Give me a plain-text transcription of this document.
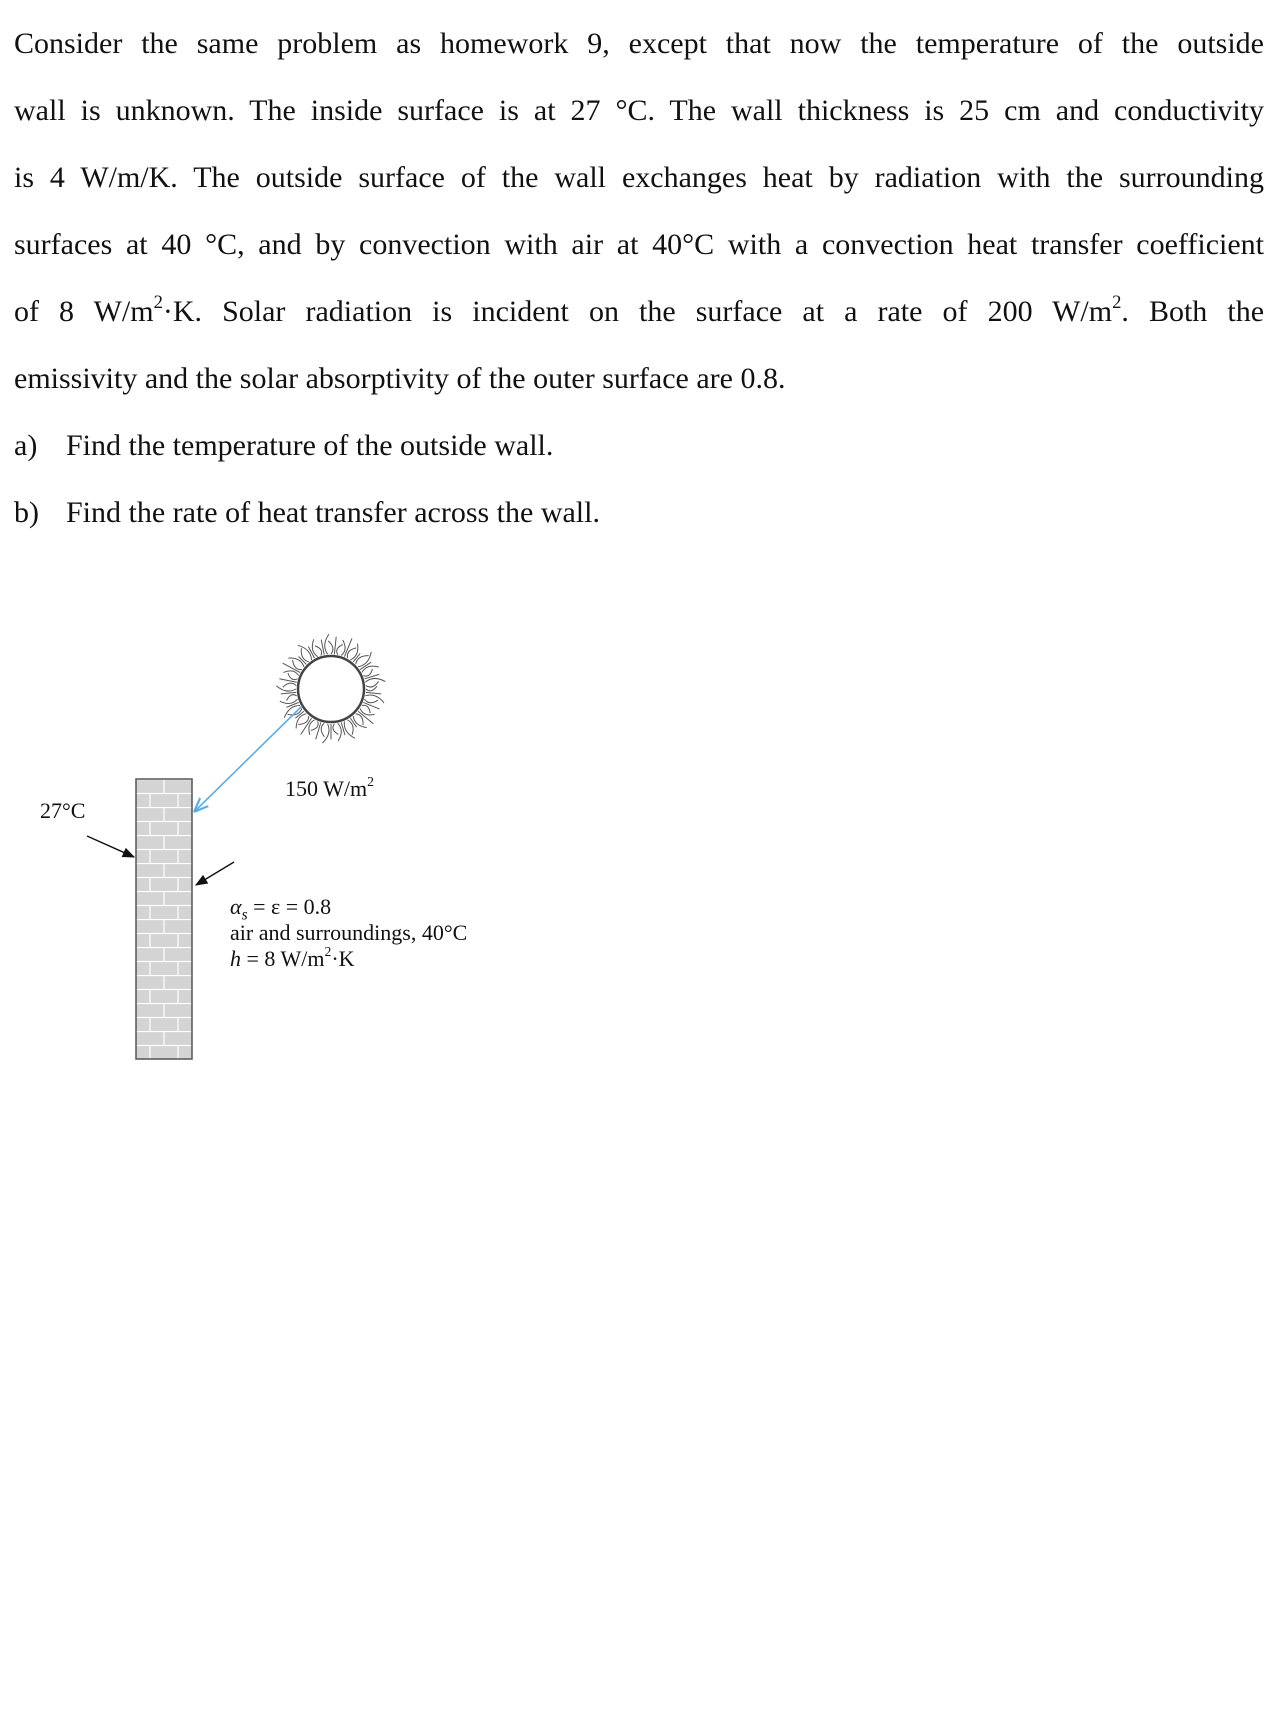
Consider the same problem as homework 9, except that now the temperature of the outside
wall is unknown. The inside surface is at 27 °C. The wall thickness is 25 cm and conductivity
is 4 W/m/K. The outside surface of the wall exchanges heat by radiation with the surrounding
surfaces at 40 °C, and by convection with air at 40°C with a convection heat transfer coefficient
of 8 $W/m^2\cdot K$. Solar radiation is incident on the surface at a rate of 200 $W/m^2$. Both the
emissivity and the solar absorptivity of the outer surface are 0.8.
a) Find the temperature of the outside wall.
b) Find the rate of heat transfer across the wall.
27°C
150 $W/m^2$
$\alpha_s = \varepsilon = 0.8$
air and surroundings, 40°C
h = 8 $W/m^2\cdot K$
